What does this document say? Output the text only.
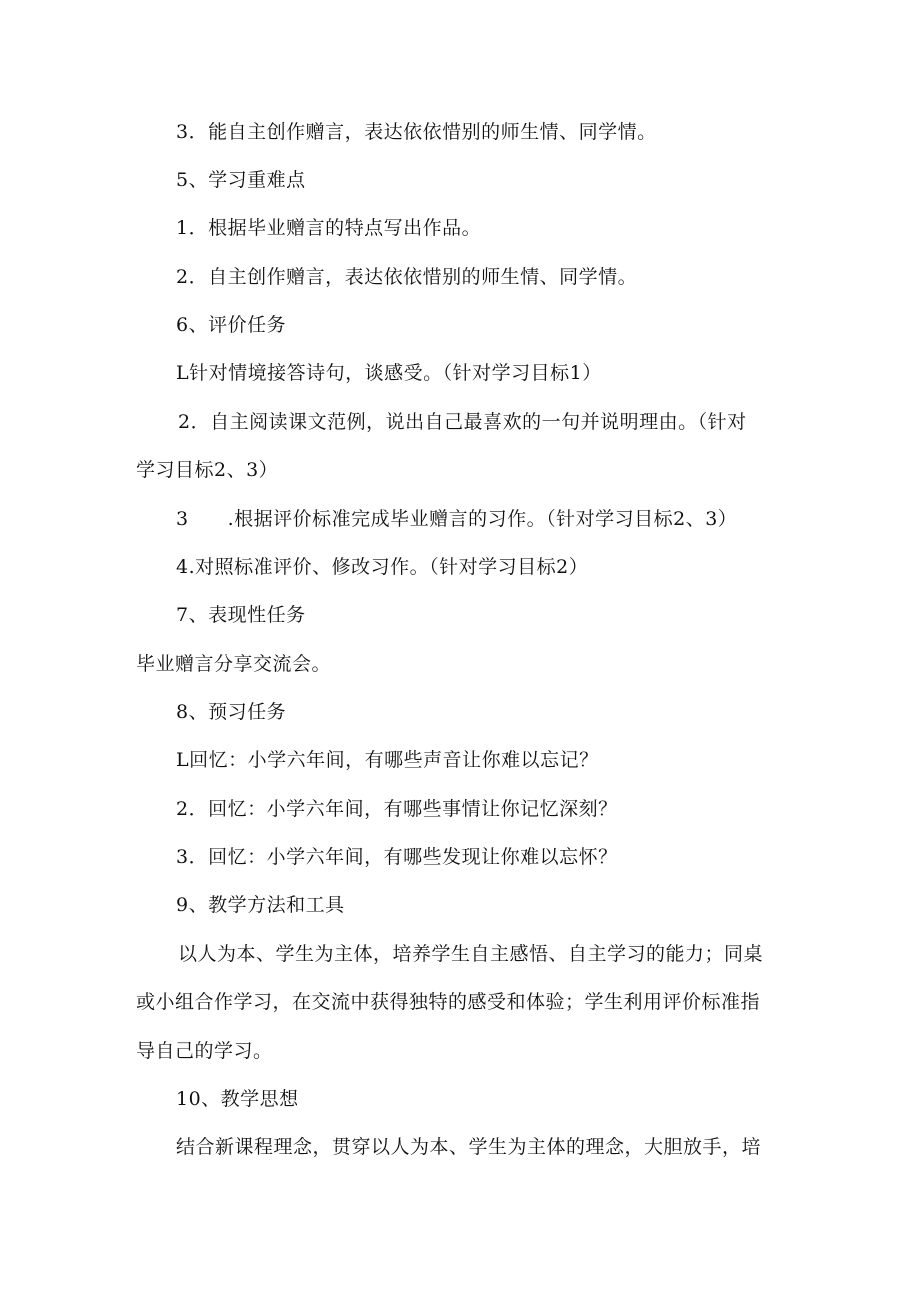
3．能自主创作赠言，表达依依惜别的师生情、同学情。
5、学习重难点
1．根据毕业赠言的特点写出作品。
2．自主创作赠言，表达依依惜别的师生情、同学情。
6、评价任务
L针对情境接答诗句，谈感受。（针对学习目标1）
2．自主阅读课文范例，说出自己最喜欢的一句并说明理由。（针对
学习目标2、3）
3　　.根据评价标准完成毕业赠言的习作。（针对学习目标2、3）
4.对照标准评价、修改习作。（针对学习目标2）
7、表现性任务
毕业赠言分享交流会。
8、预习任务
L回忆：小学六年间，有哪些声音让你难以忘记？
2．回忆：小学六年间，有哪些事情让你记忆深刻？
3．回忆：小学六年间，有哪些发现让你难以忘怀？
9、教学方法和工具
以人为本、学生为主体，培养学生自主感悟、自主学习的能力；同桌
或小组合作学习，在交流中获得独特的感受和体验；学生利用评价标准指
导自己的学习。
10、教学思想
结合新课程理念，贯穿以人为本、学生为主体的理念，大胆放手，培
